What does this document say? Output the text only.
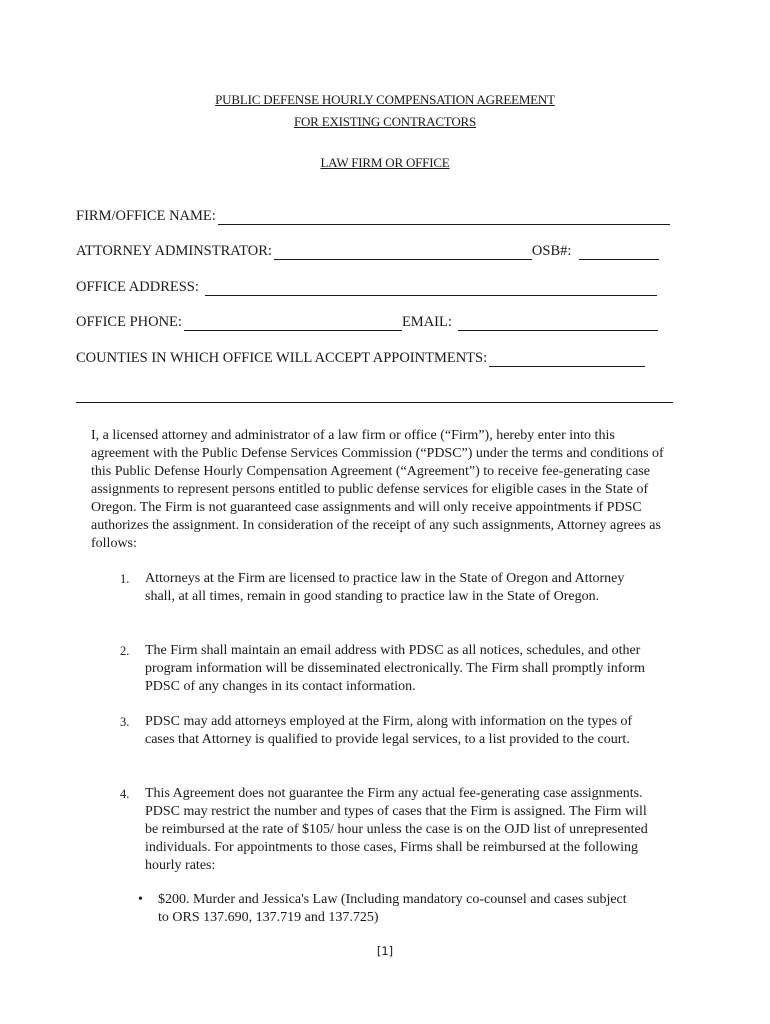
PUBLIC DEFENSE HOURLY COMPENSATION AGREEMENT
FOR EXISTING CONTRACTORS
LAW FIRM OR OFFICE
FIRM/OFFICE NAME:
ATTORNEY ADMINSTRATOR:	OSB#:
OFFICE ADDRESS:
OFFICE PHONE:	EMAIL:
COUNTIES IN WHICH OFFICE WILL ACCEPT APPOINTMENTS:
I, a licensed attorney and administrator of a law firm or office (“Firm”), hereby enter into this agreement with the Public Defense Services Commission (“PDSC”) under the terms and conditions of this Public Defense Hourly Compensation Agreement (“Agreement”) to receive fee-generating case assignments to represent persons entitled to public defense services for eligible cases in the State of Oregon. The Firm is not guaranteed case assignments and will only receive appointments if PDSC authorizes the assignment. In consideration of the receipt of any such assignments, Attorney agrees as follows:
1.	Attorneys at the Firm are licensed to practice law in the State of Oregon and Attorney shall, at all times, remain in good standing to practice law in the State of Oregon.
2.	The Firm shall maintain an email address with PDSC as all notices, schedules, and other program information will be disseminated electronically. The Firm shall promptly inform PDSC of any changes in its contact information.
3.	PDSC may add attorneys employed at the Firm, along with information on the types of cases that Attorney is qualified to provide legal services, to a list provided to the court.
4.	This Agreement does not guarantee the Firm any actual fee-generating case assignments. PDSC may restrict the number and types of cases that the Firm is assigned. The Firm will be reimbursed at the rate of $105/ hour unless the case is on the OJD list of unrepresented individuals. For appointments to those cases, Firms shall be reimbursed at the following hourly rates:
•	$200. Murder and Jessica's Law (Including mandatory co-counsel and cases subject to ORS 137.690, 137.719 and 137.725)
[1]
